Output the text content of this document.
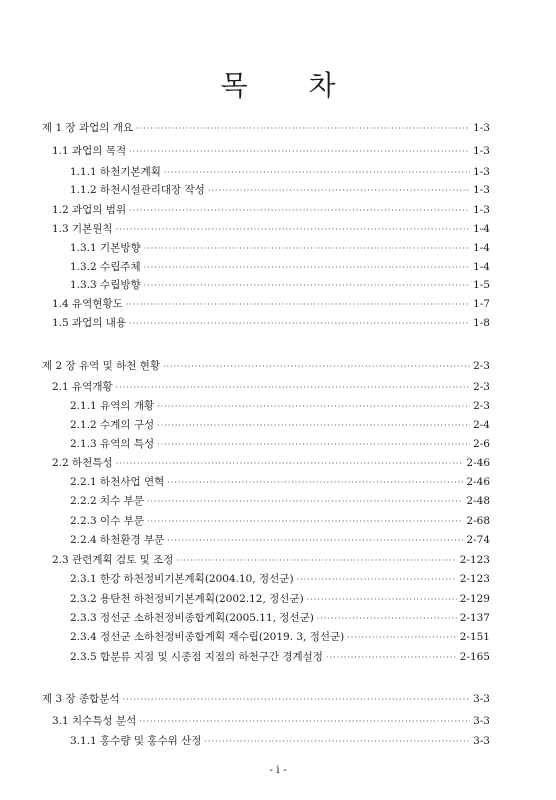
목 차
제 1 장 과업의 개요 ·····	1-3
1.1 과업의 목적 ·····	1-3
1.1.1 하천기본계획 ·····	1-3
1.1.2 하천시설관리대장 작성 ·····	1-3
1.2 과업의 범위 ·····	1-3
1.3 기본원칙 ·····	1-4
1.3.1 기본방향 ·····	1-4
1.3.2 수립주체 ·····	1-4
1.3.3 수립방향 ·····	1-5
1.4 유역현황도 ·····	1-7
1.5 과업의 내용 ·····	1-8
제 2 장 유역 및 하천 현황 ·····	2-3
2.1 유역개황 ·····	2-3
2.1.1 유역의 개황 ·····	2-3
2.1.2 수계의 구성 ·····	2-4
2.1.3 유역의 특성 ·····	2-6
2.2 하천특성 ·····	2-46
2.2.1 하천사업 연혁 ·····	2-46
2.2.2 치수 부문 ·····	2-48
2.2.3 이수 부문 ·····	2-68
2.2.4 하천환경 부문 ·····	2-74
2.3 관련계획 검토 및 조정 ·····	2-123
2.3.1 한강 하천정비기본계획(2004.10, 정선군) ·····	2-123
2.3.2 용탄천 하천정비기본계획(2002.12, 정선군) ·····	2-129
2.3.3 정선군 소하천정비종합계획(2005.11, 정선군) ·····	2-137
2.3.4 정선군 소하천정비종합계획 재수립(2019. 3, 정선군) ·····	2-151
2.3.5 합분류 지점 및 시종점 지점의 하천구간 경계설정 ·····	2-165
제 3 장 종합분석 ·····	3-3
3.1 치수특성 분석 ·····	3-3
3.1.1 홍수량 및 홍수위 산정 ·····	3-3
- i -
